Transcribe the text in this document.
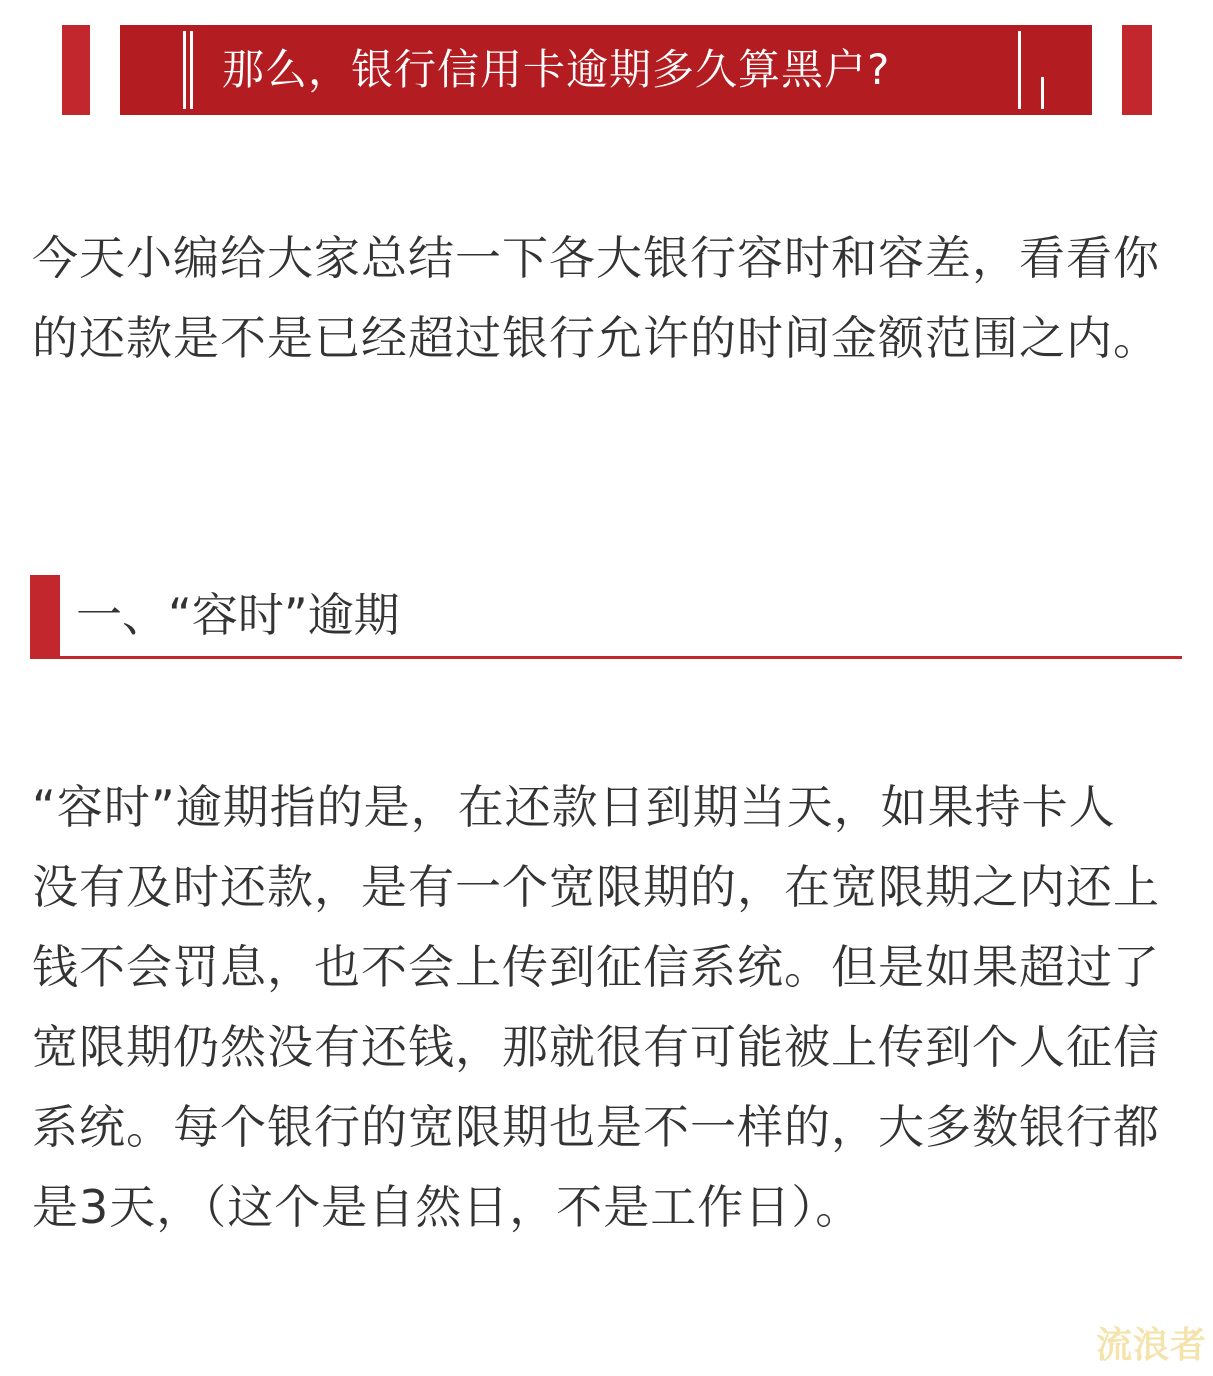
那么，银行信用卡逾期多久算黑户?

今天小编给大家总结一下各大银行容时和容差，看看你的还款是不是已经超过银行允许的时间金额范围之内。

一、“容时”逾期

“容时”逾期指的是，在还款日到期当天，如果持卡人没有及时还款，是有一个宽限期的，在宽限期之内还上钱不会罚息，也不会上传到征信系统。但是如果超过了宽限期仍然没有还钱，那就很有可能被上传到个人征信系统。每个银行的宽限期也是不一样的，大多数银行都是3天，（这个是自然日，不是工作日）。

流浪者
